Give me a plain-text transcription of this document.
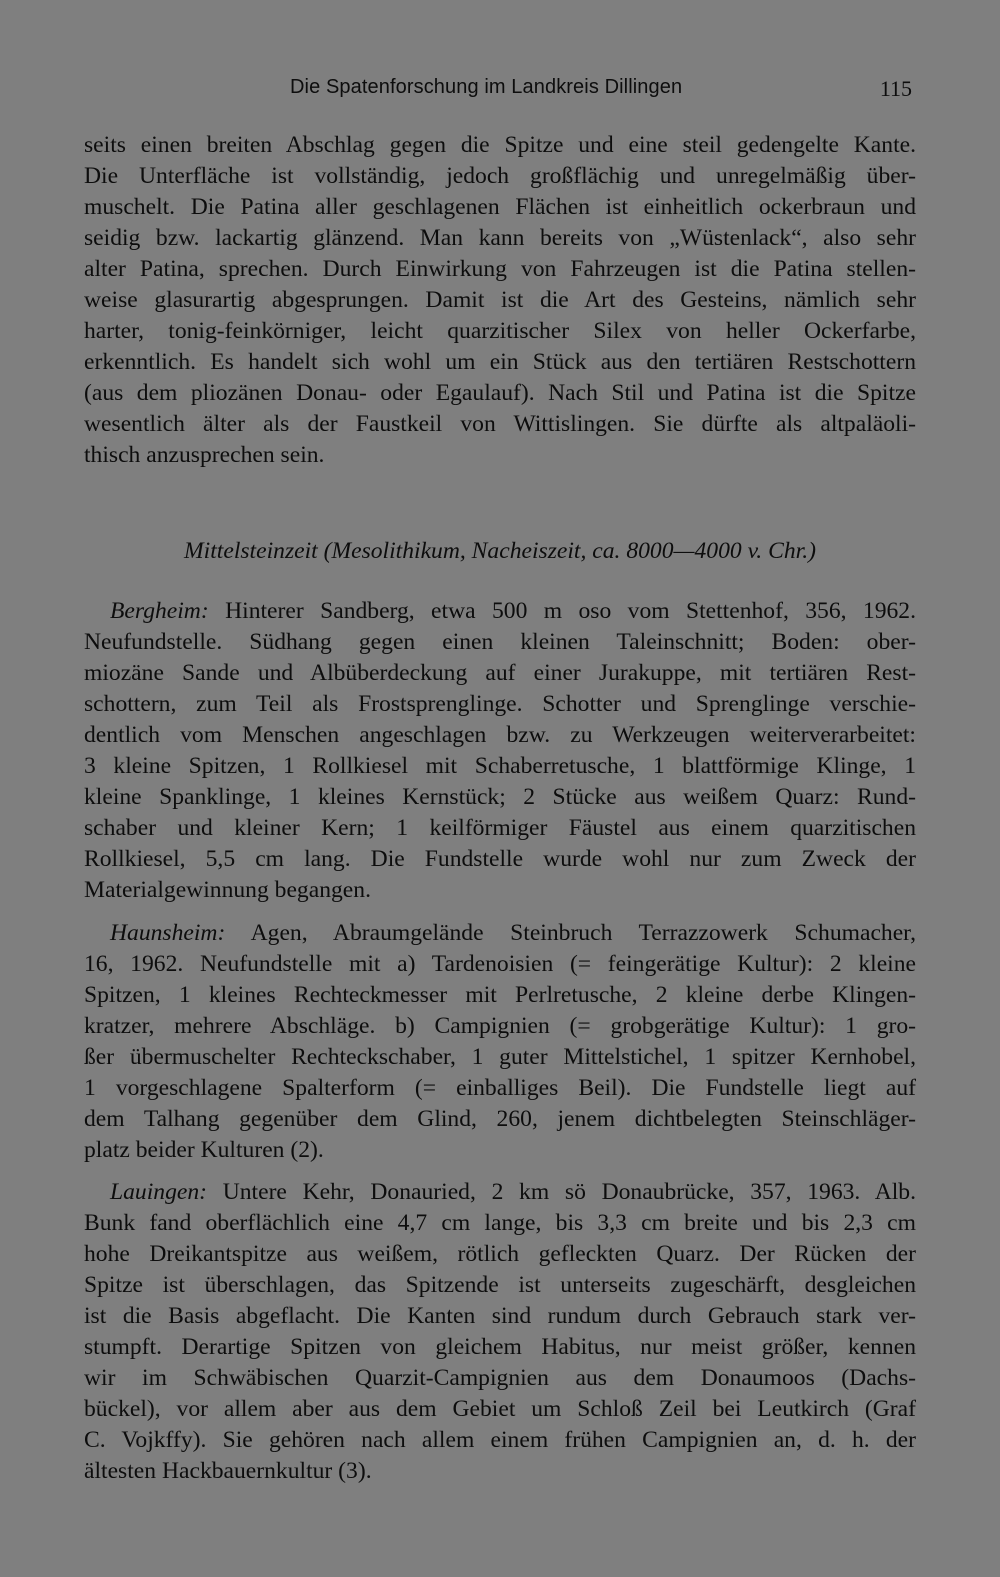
Die Spatenforschung im Landkreis Dillingen	115
seits einen breiten Abschlag gegen die Spitze und eine steil gedengelte Kante.
Die Unterfläche ist vollständig, jedoch großflächig und unregelmäßig über-
muschelt. Die Patina aller geschlagenen Flächen ist einheitlich ockerbraun und
seidig bzw. lackartig glänzend. Man kann bereits von „Wüstenlack“, also sehr
alter Patina, sprechen. Durch Einwirkung von Fahrzeugen ist die Patina stellen-
weise glasurartig abgesprungen. Damit ist die Art des Gesteins, nämlich sehr
harter, tonig-feinkörniger, leicht quarzitischer Silex von heller Ockerfarbe,
erkenntlich. Es handelt sich wohl um ein Stück aus den tertiären Restschottern
(aus dem pliozänen Donau- oder Egaulauf). Nach Stil und Patina ist die Spitze
wesentlich älter als der Faustkeil von Wittislingen. Sie dürfte als altpaläoli-
thisch anzusprechen sein.
Mittelsteinzeit (Mesolithikum, Nacheiszeit, ca. 8000—4000 v. Chr.)
Bergheim: Hinterer Sandberg, etwa 500 m oso vom Stettenhof, 356, 1962.
Neufundstelle. Südhang gegen einen kleinen Taleinschnitt; Boden: ober-
miozäne Sande und Albüberdeckung auf einer Jurakuppe, mit tertiären Rest-
schottern, zum Teil als Frostsprenglinge. Schotter und Sprenglinge verschie-
dentlich vom Menschen angeschlagen bzw. zu Werkzeugen weiterverarbeitet:
3 kleine Spitzen, 1 Rollkiesel mit Schaberretusche, 1 blattförmige Klinge, 1
kleine Spanklinge, 1 kleines Kernstück; 2 Stücke aus weißem Quarz: Rund-
schaber und kleiner Kern; 1 keilförmiger Fäustel aus einem quarzitischen
Rollkiesel, 5,5 cm lang. Die Fundstelle wurde wohl nur zum Zweck der
Materialgewinnung begangen.
Haunsheim: Agen, Abraumgelände Steinbruch Terrazzowerk Schumacher,
16, 1962. Neufundstelle mit a) Tardenoisien (= feingerätige Kultur): 2 kleine
Spitzen, 1 kleines Rechteckmesser mit Perlretusche, 2 kleine derbe Klingen-
kratzer, mehrere Abschläge. b) Campignien (= grobgerätige Kultur): 1 gro-
ßer übermuschelter Rechteckschaber, 1 guter Mittelstichel, 1 spitzer Kernhobel,
1 vorgeschlagene Spalterform (= einballiges Beil). Die Fundstelle liegt auf
dem Talhang gegenüber dem Glind, 260, jenem dichtbelegten Steinschläger-
platz beider Kulturen (2).
Lauingen: Untere Kehr, Donauried, 2 km sö Donaubrücke, 357, 1963. Alb.
Bunk fand oberflächlich eine 4,7 cm lange, bis 3,3 cm breite und bis 2,3 cm
hohe Dreikantspitze aus weißem, rötlich gefleckten Quarz. Der Rücken der
Spitze ist überschlagen, das Spitzende ist unterseits zugeschärft, desgleichen
ist die Basis abgeflacht. Die Kanten sind rundum durch Gebrauch stark ver-
stumpft. Derartige Spitzen von gleichem Habitus, nur meist größer, kennen
wir im Schwäbischen Quarzit-Campignien aus dem Donaumoos (Dachs-
bückel), vor allem aber aus dem Gebiet um Schloß Zeil bei Leutkirch (Graf
C. Vojkffy). Sie gehören nach allem einem frühen Campignien an, d. h. der
ältesten Hackbauernkultur (3).
